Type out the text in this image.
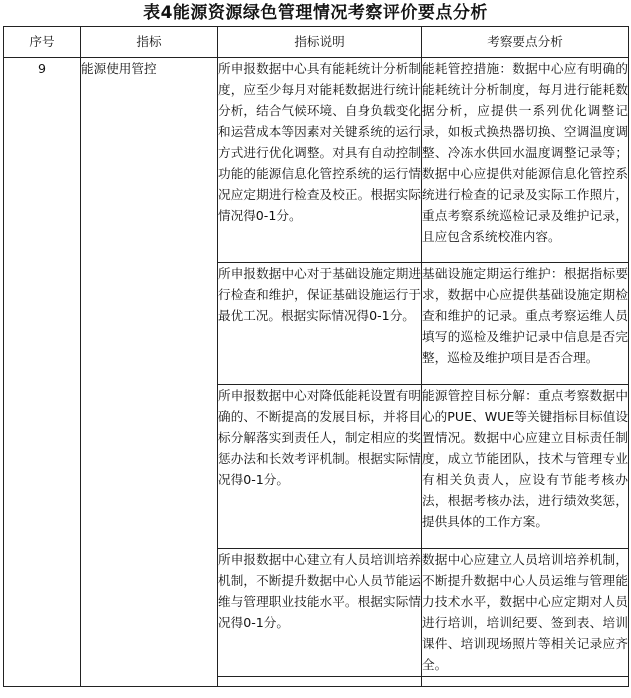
表4能源资源绿色管理情况考察评价要点分析
序号	指标	指标说明	考察要点分析
9	能源使用管控	所申报数据中心具有能耗统计分析制度，应至少每月对能耗数据进行统计分析，结合气候环境、自身负载变化和运营成本等因素对关键系统的运行方式进行优化调整。对具有自动控制功能的能源信息化管控系统的运行情况应定期进行检查及校正。根据实际情况得0-1分。	能耗管控措施：数据中心应有明确的能耗统计分析制度，每月进行能耗数据分析，应提供一系列优化调整记录，如板式换热器切换、空调温度调整、冷冻水供回水温度调整记录等；数据中心应提供对能源信息化管控系统进行检查的记录及实际工作照片，重点考察系统巡检记录及维护记录，且应包含系统校准内容。
		所申报数据中心对于基础设施定期进行检查和维护，保证基础设施运行于最优工况。根据实际情况得0-1分。	基础设施定期运行维护：根据指标要求，数据中心应提供基础设施定期检查和维护的记录。重点考察运维人员填写的巡检及维护记录中信息是否完整，巡检及维护项目是否合理。
		所申报数据中心对降低能耗设置有明确的、不断提高的发展目标，并将目标分解落实到责任人，制定相应的奖惩办法和长效考评机制。根据实际情况得0-1分。	能源管控目标分解：重点考察数据中心的PUE、WUE等关键指标目标值设置情况。数据中心应建立目标责任制度，成立节能团队，技术与管理专业有相关负责人，应设有节能考核办法，根据考核办法，进行绩效奖惩，提供具体的工作方案。
		所申报数据中心建立有人员培训培养机制，不断提升数据中心人员节能运维与管理职业技能水平。根据实际情况得0-1分。	数据中心应建立人员培训培养机制，不断提升数据中心人员运维与管理能力技术水平，数据中心应定期对人员进行培训，培训纪要、签到表、培训课件、培训现场照片等相关记录应齐全。
